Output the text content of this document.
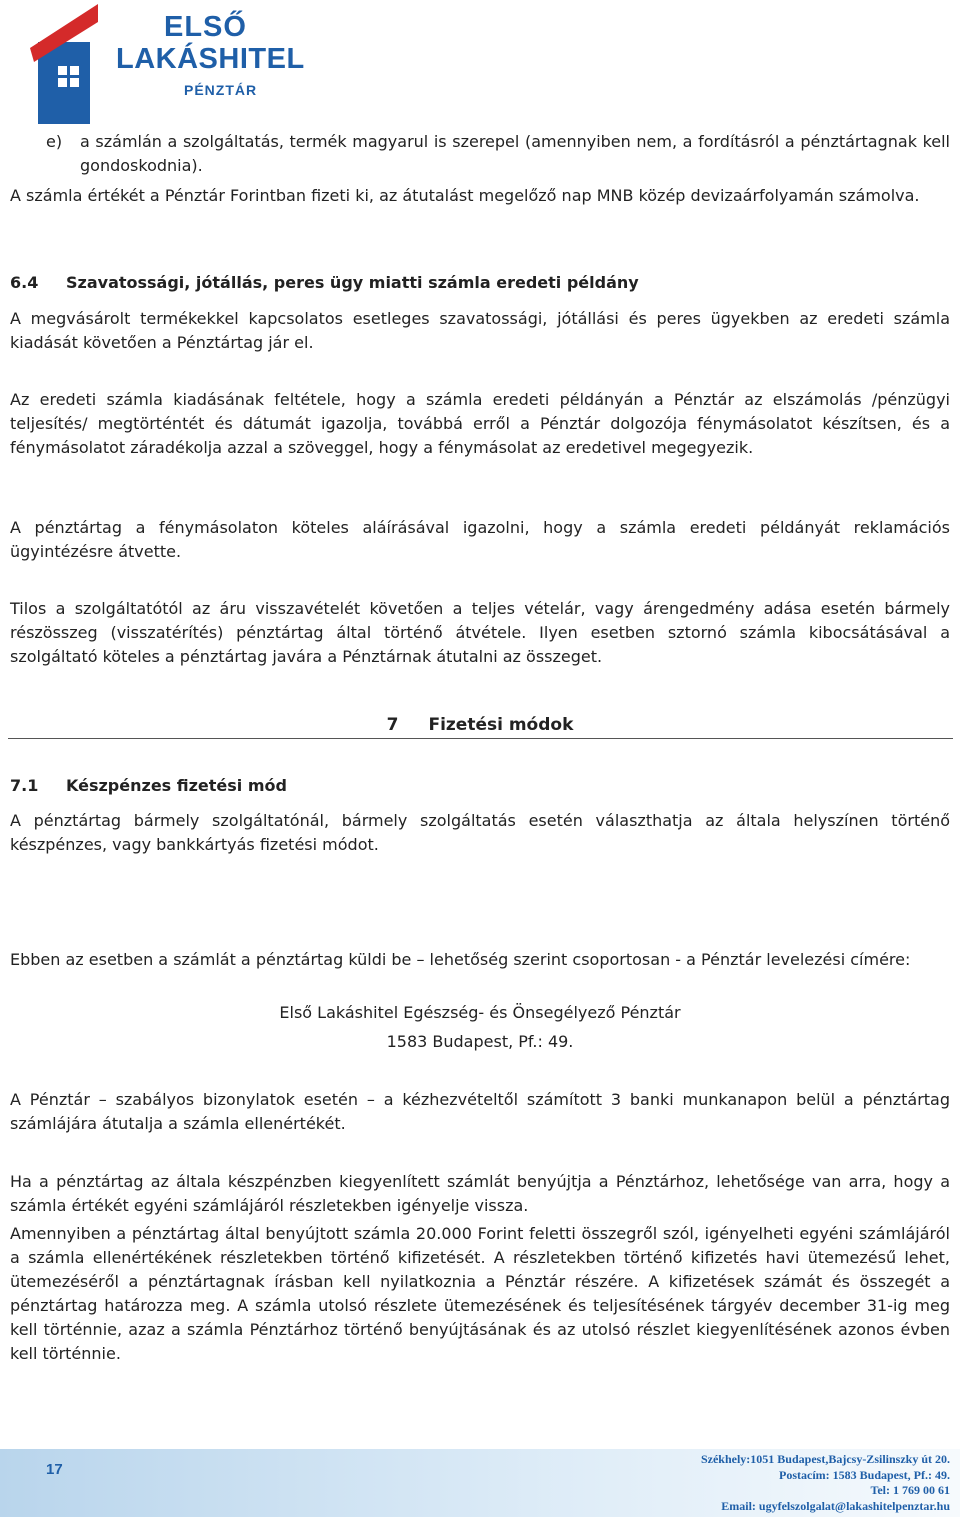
ELSŐ
LAKÁSHITEL
PÉNZTÁR
e)	a számlán a szolgáltatás, termék magyarul is szerepel (amennyiben nem, a fordításról a pénztártagnak kell gondoskodnia).

A számla értékét a Pénztár Forintban fizeti ki, az átutalást megelőző nap MNB közép devizaárfolyamán számolva.

6.4 Szavatossági, jótállás, peres ügy miatti számla eredeti példány

A megvásárolt termékekkel kapcsolatos esetleges szavatossági, jótállási és peres ügyekben az eredeti számla kiadását követően a Pénztártag jár el.

Az eredeti számla kiadásának feltétele, hogy a számla eredeti példányán a Pénztár az elszámolás /pénzügyi teljesítés/ megtörténtét és dátumát igazolja, továbbá erről a Pénztár dolgozója fénymásolatot készítsen, és a fénymásolatot záradékolja azzal a szöveggel, hogy a fénymásolat az eredetivel megegyezik.

A pénztártag a fénymásolaton köteles aláírásával igazolni, hogy a számla eredeti példányát reklamációs ügyintézésre átvette.

Tilos a szolgáltatótól az áru visszavételét követően a teljes vételár, vagy árengedmény adása esetén bármely részösszeg (visszatérítés) pénztártag által történő átvétele. Ilyen esetben sztornó számla kibocsátásával a szolgáltató köteles a pénztártag javára a Pénztárnak átutalni az összeget.

7 Fizetési módok
7.1 Készpénzes fizetési mód

A pénztártag bármely szolgáltatónál, bármely szolgáltatás esetén választhatja az általa helyszínen történő készpénzes, vagy bankkártyás fizetési módot.

Ebben az esetben a számlát a pénztártag küldi be – lehetőség szerint csoportosan - a Pénztár levelezési címére:

Első Lakáshitel Egészség- és Önsegélyező Pénztár

1583 Budapest, Pf.: 49.

A Pénztár – szabályos bizonylatok esetén – a kézhezvételtől számított 3 banki munkanapon belül a pénztártag számlájára átutalja a számla ellenértékét.

Ha a pénztártag az általa készpénzben kiegyenlített számlát benyújtja a Pénztárhoz, lehetősége van arra, hogy a számla értékét egyéni számlájáról részletekben igényelje vissza.

Amennyiben a pénztártag által benyújtott számla 20.000 Forint feletti összegről szól, igényelheti egyéni számlájáról a számla ellenértékének részletekben történő kifizetését. A részletekben történő kifizetés havi ütemezésű lehet, ütemezéséről a pénztártagnak írásban kell nyilatkoznia a Pénztár részére. A kifizetések számát és összegét a pénztártag határozza meg. A számla utolsó részlete ütemezésének és teljesítésének tárgyév december 31-ig meg kell történnie, azaz a számla Pénztárhoz történő benyújtásának és az utolsó részlet kiegyenlítésének azonos évben kell történnie.

17
Székhely:1051 Budapest,Bajcsy-Zsilinszky út 20.
Postacím: 1583 Budapest, Pf.: 49.
Tel: 1 769 00 61
Email: ugyfelszolgalat@lakashitelpenztar.hu
